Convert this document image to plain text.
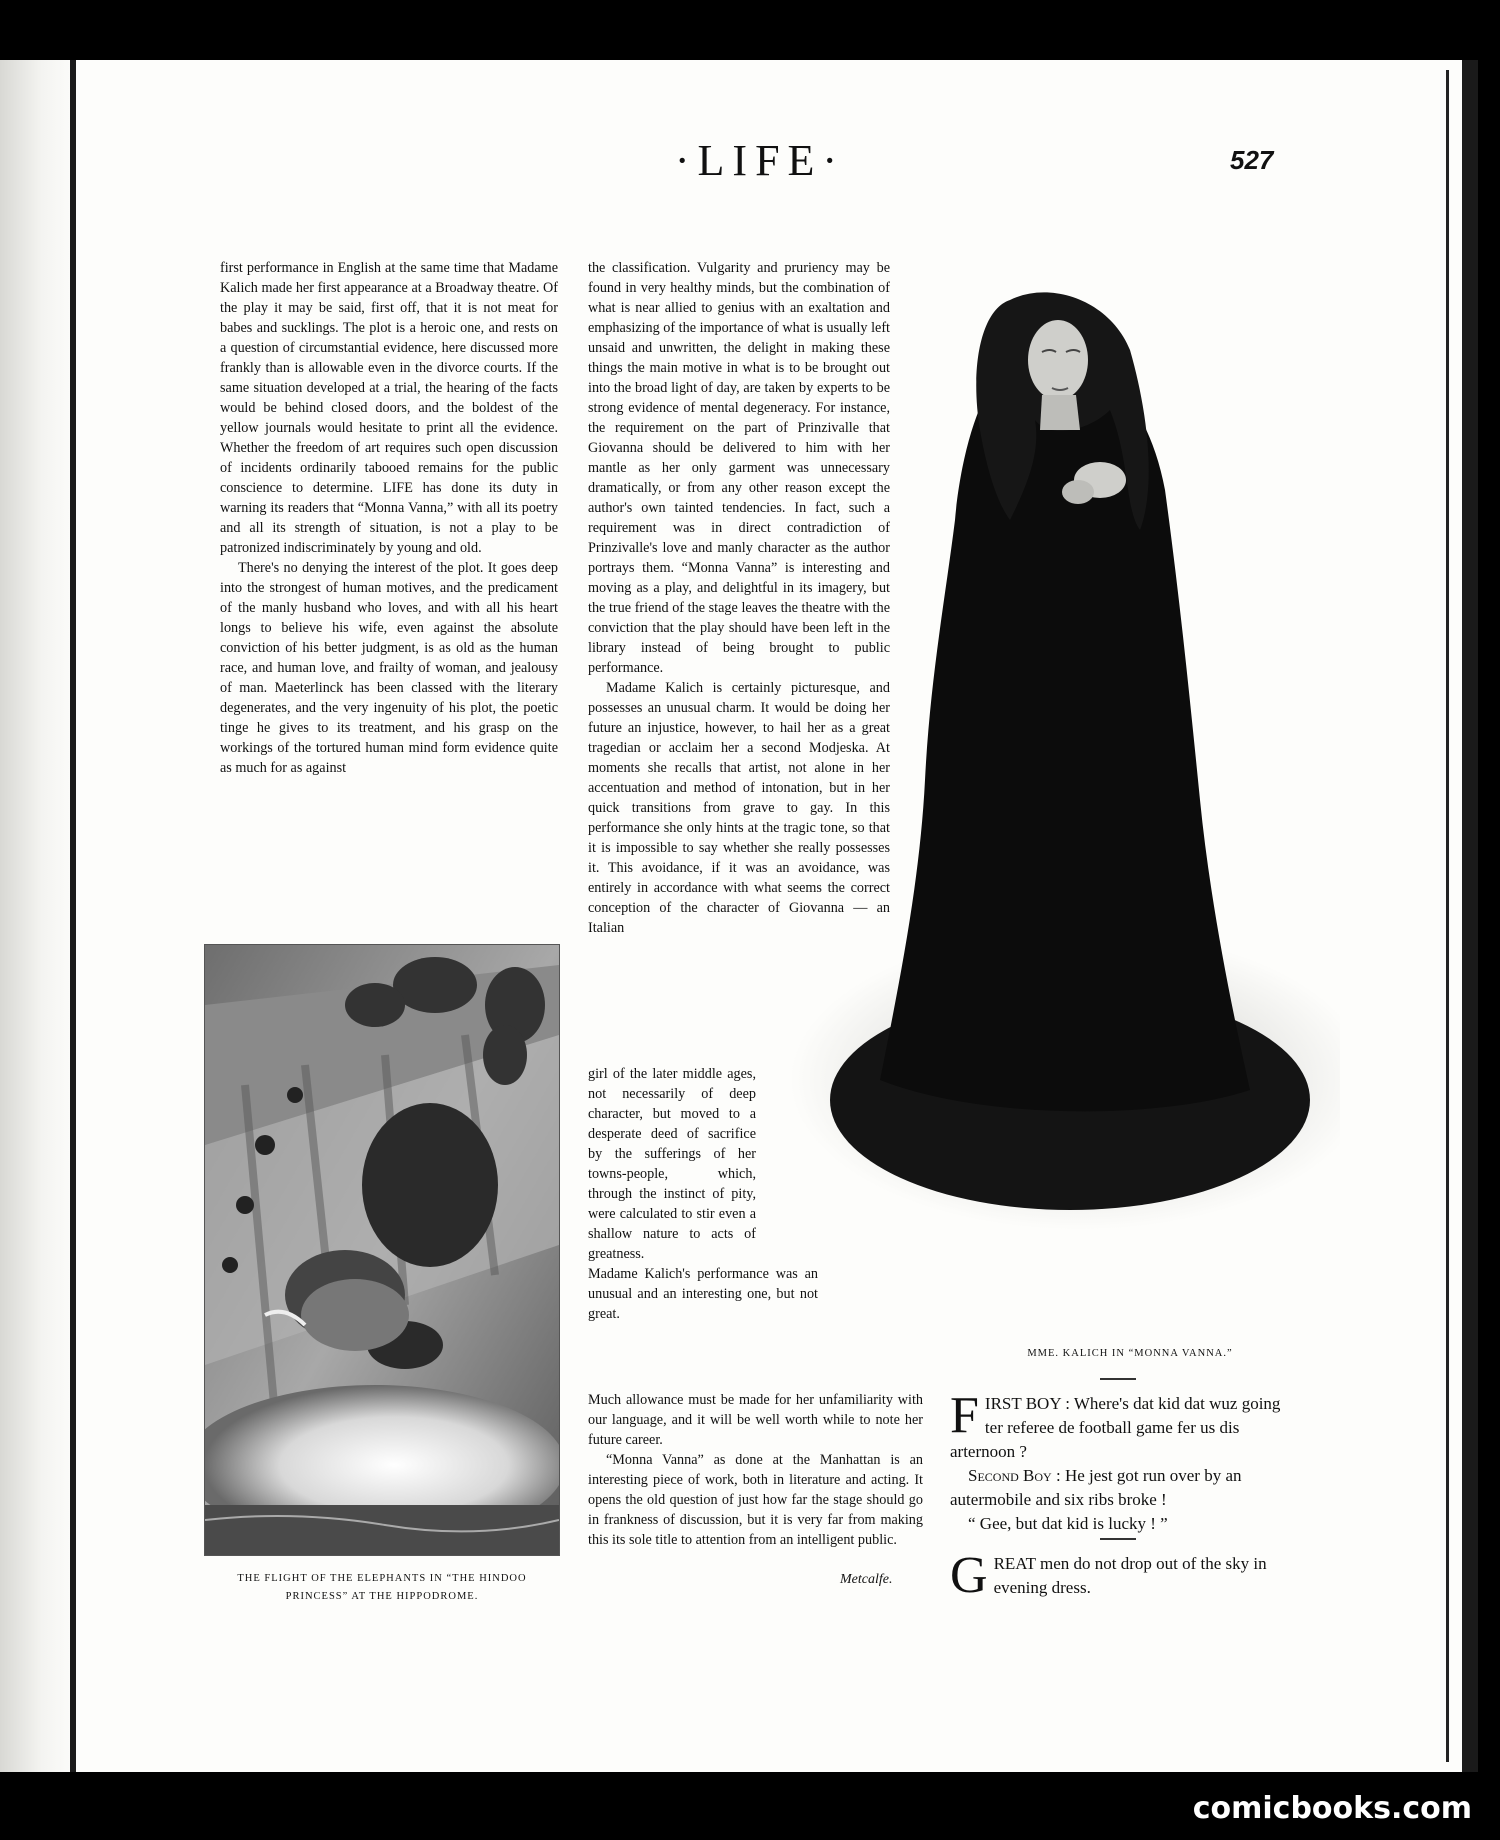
·LIFE·	527

first performance in English at the same time that Madame Kalich made her first appearance at a Broadway theatre. Of the play it may be said, first off, that it is not meat for babes and sucklings. The plot is a heroic one, and rests on a question of circumstantial evidence, here discussed more frankly than is allowable even in the divorce courts. If the same situation developed at a trial, the hearing of the facts would be behind closed doors, and the boldest of the yellow journals would hesitate to print all the evidence. Whether the freedom of art requires such open discussion of incidents ordinarily tabooed remains for the public conscience to determine. LIFE has done its duty in warning its readers that “Monna Vanna,” with all its poetry and all its strength of situation, is not a play to be patronized indiscriminately by young and old.

There's no denying the interest of the plot. It goes deep into the strongest of human motives, and the predicament of the manly husband who loves, and with all his heart longs to believe his wife, even against the absolute conviction of his better judgment, is as old as the human race, and human love, and frailty of woman, and jealousy of man. Maeterlinck has been classed with the literary degenerates, and the very ingenuity of his plot, the poetic tinge he gives to its treatment, and his grasp on the workings of the tortured human mind form evidence quite as much for as against

THE FLIGHT OF THE ELEPHANTS IN “THE HINDOO
PRINCESS” AT THE HIPPODROME.

the classification. Vulgarity and pruriency may be found in very healthy minds, but the combination of what is near allied to genius with an exaltation and emphasizing of the importance of what is usually left unsaid and unwritten, the delight in making these things the main motive in what is to be brought out into the broad light of day, are taken by experts to be strong evidence of mental degeneracy. For instance, the requirement on the part of Prinzivalle that Giovanna should be delivered to him with her mantle as her only garment was unnecessary dramatically, or from any other reason except the author's own tainted tendencies. In fact, such a requirement was in direct contradiction of Prinzivalle's love and manly character as the author portrays them. “Monna Vanna” is interesting and moving as a play, and delightful in its imagery, but the true friend of the stage leaves the theatre with the conviction that the play should have been left in the library instead of being brought to public performance.

Madame Kalich is certainly picturesque, and possesses an unusual charm. It would be doing her future an injustice, however, to hail her as a great tragedian or acclaim her a second Modjeska. At moments she recalls that artist, not alone in her accentuation and method of intonation, but in her quick transitions from grave to gay. In this performance she only hints at the tragic tone, so that it is impossible to say whether she really possesses it. This avoidance, if it was an avoidance, was entirely in accordance with what seems the correct conception of the character of Giovanna — an Italian

girl of the later middle ages, not necessarily of deep character, but moved to a desperate deed of sacrifice by the sufferings of her towns-people, which, through the instinct of pity, were calculated to stir even a shallow nature to acts of greatness.

Madame Kalich's performance was an unusual and an interesting one, but not great.

Much allowance must be made for her unfamiliarity with our language, and it will be well worth while to note her future career.

“Monna Vanna” as done at the Manhattan is an interesting piece of work, both in literature and acting. It opens the old question of just how far the stage should go in frankness of discussion, but it is very far from making this its sole title to attention from an intelligent public.

Metcalfe.
MME. KALICH IN “MONNA VANNA.”

FIRST BOY : Where's dat kid dat wuz going ter referee de football game fer us dis arternoon ?

Second Boy : He jest got run over by an autermobile and six ribs broke !

“ Gee, but dat kid is lucky ! ”

GREAT men do not drop out of the sky in evening dress.

comicbooks.com
